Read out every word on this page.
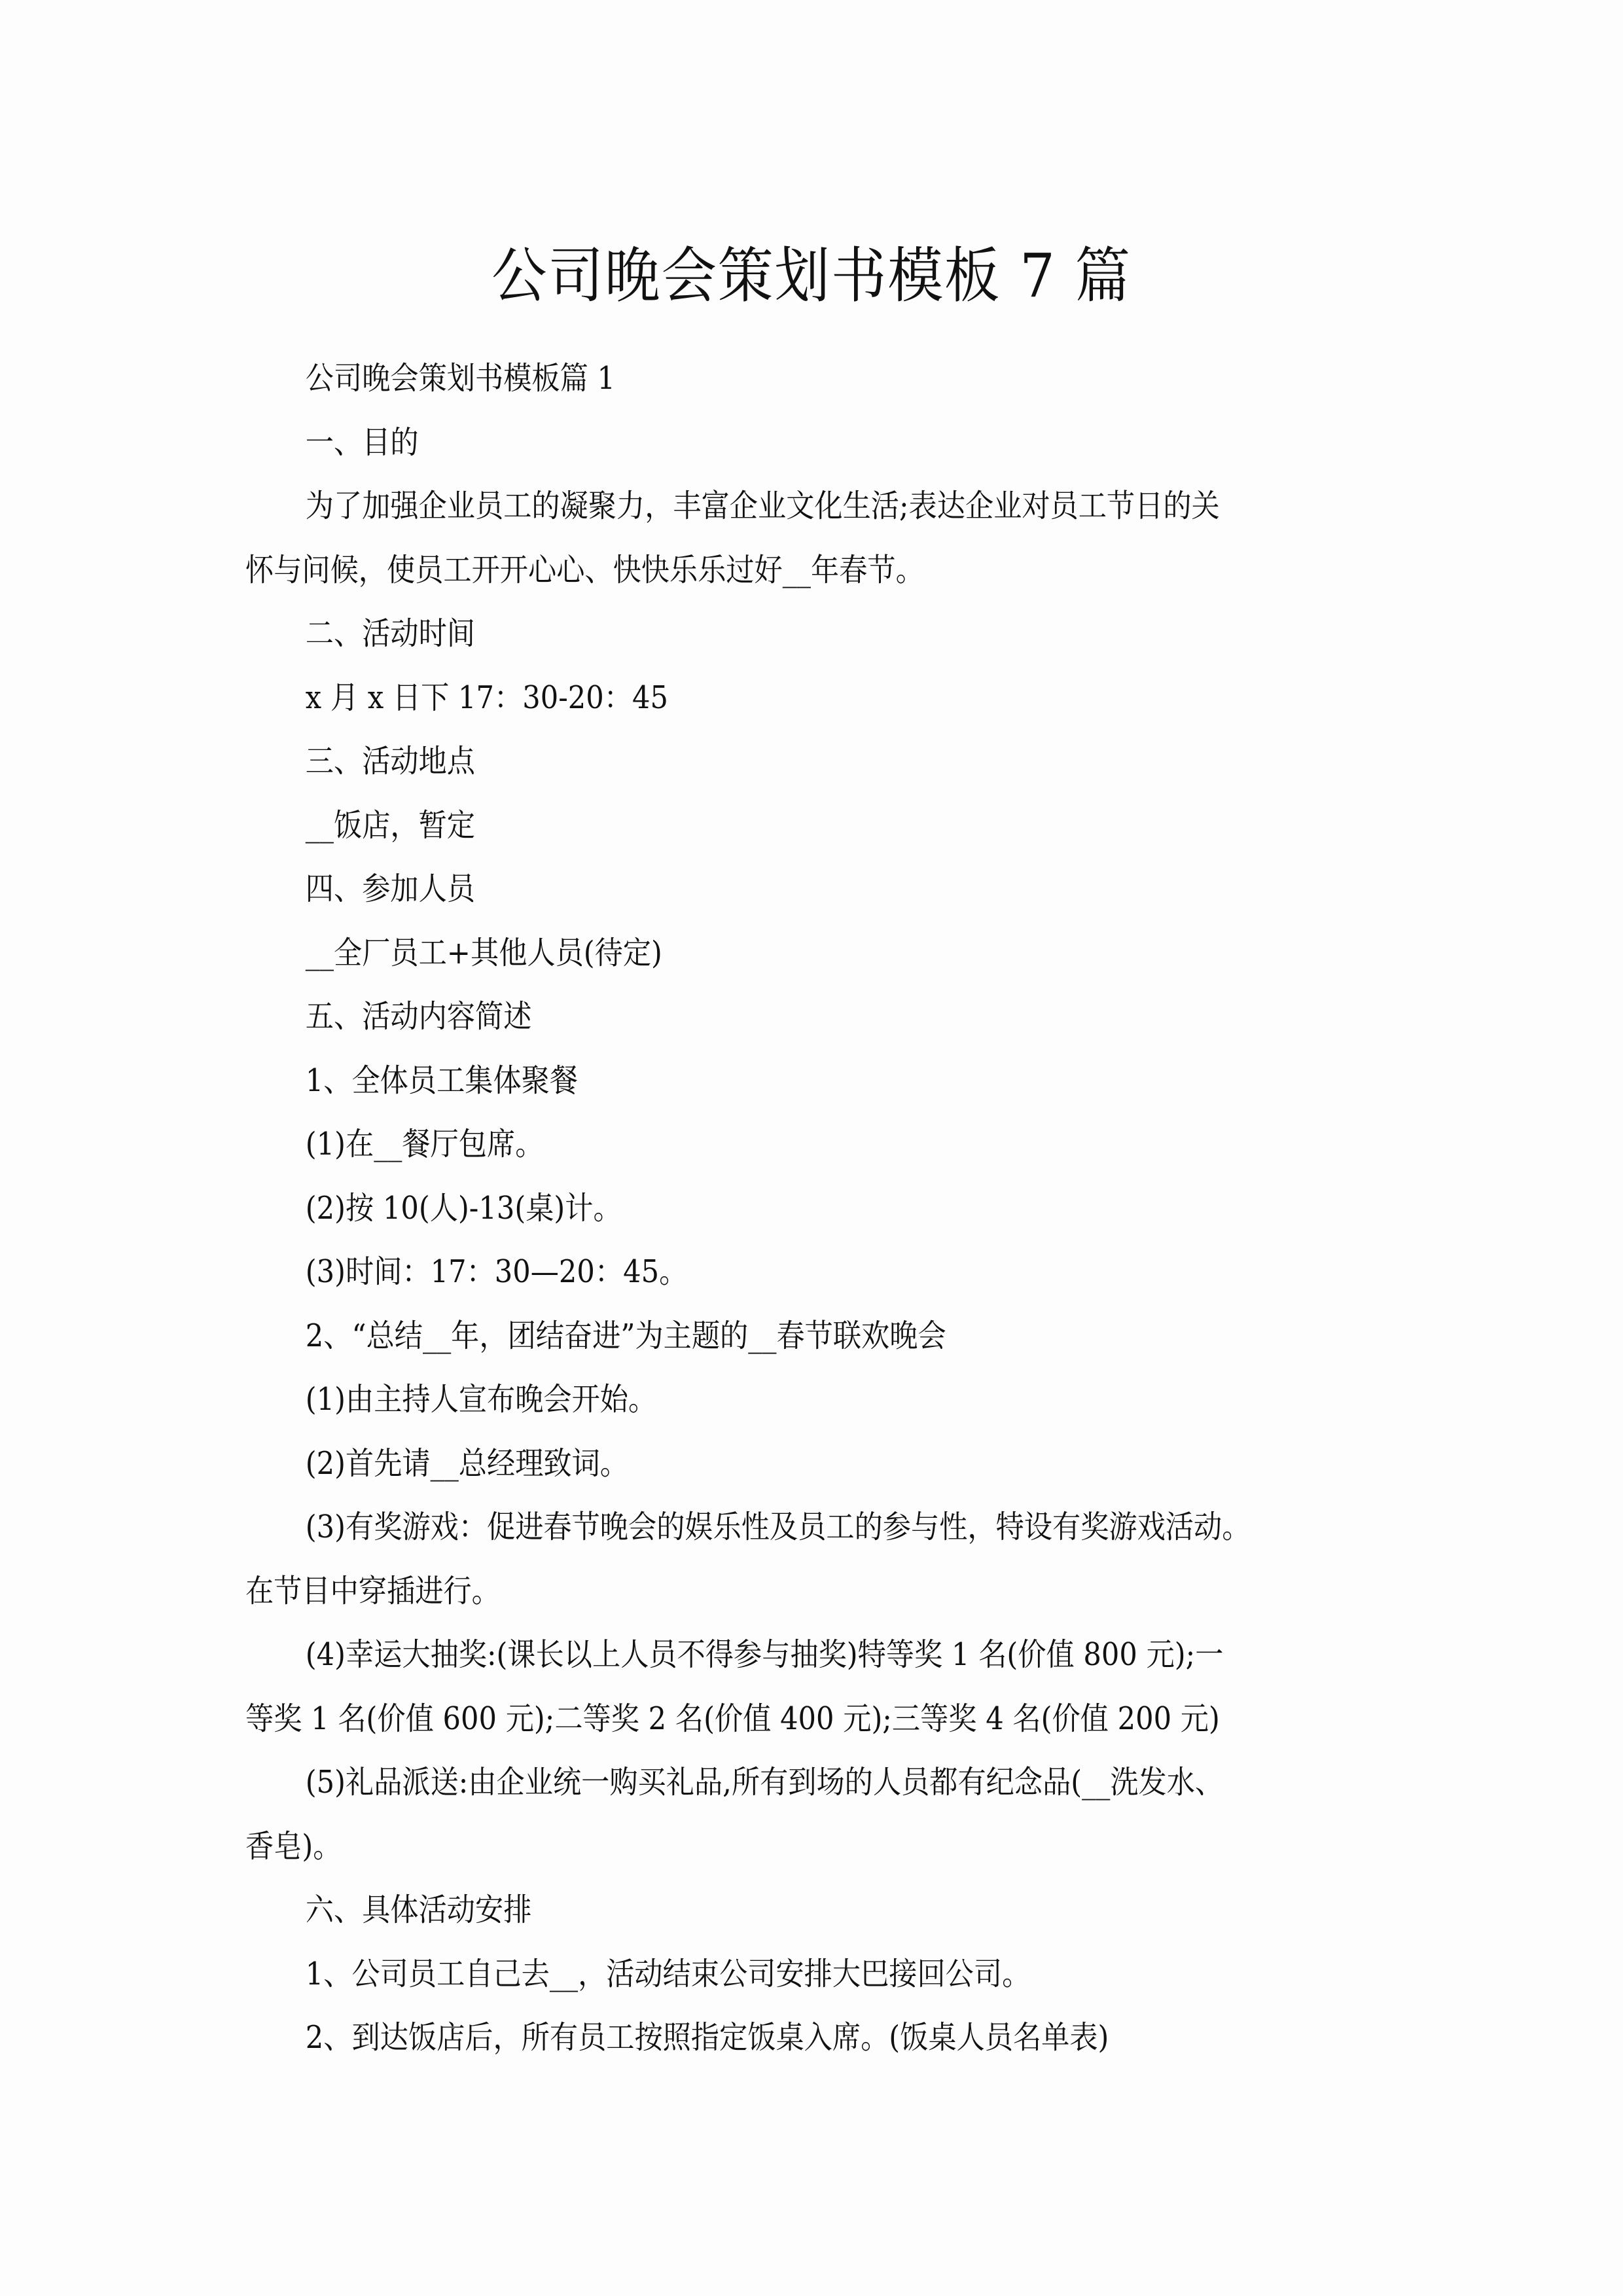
公司晚会策划书模板 7 篇
公司晚会策划书模板篇 1
一、目的
为了加强企业员工的凝聚力，丰富企业文化生活;表达企业对员工节日的关
怀与问候，使员工开开心心、快快乐乐过好__年春节。
二、活动时间
x 月 x 日下 17：30-20：45
三、活动地点
__饭店，暂定
四、参加人员
__全厂员工+其他人员(待定)
五、活动内容简述
1、全体员工集体聚餐
(1)在__餐厅包席。
(2)按 10(人)-13(桌)计。
(3)时间：17：30—20：45。
2、“总结__年，团结奋进”为主题的__春节联欢晚会
(1)由主持人宣布晚会开始。
(2)首先请__总经理致词。
(3)有奖游戏：促进春节晚会的娱乐性及员工的参与性，特设有奖游戏活动。
在节目中穿插进行。
(4)幸运大抽奖:(课长以上人员不得参与抽奖)特等奖 1 名(价值 800 元);一
等奖 1 名(价值 600 元);二等奖 2 名(价值 400 元);三等奖 4 名(价值 200 元)
(5)礼品派送:由企业统一购买礼品,所有到场的人员都有纪念品(__洗发水、
香皂)。
六、具体活动安排
1、公司员工自己去__，活动结束公司安排大巴接回公司。
2、到达饭店后，所有员工按照指定饭桌入席。(饭桌人员名单表)
